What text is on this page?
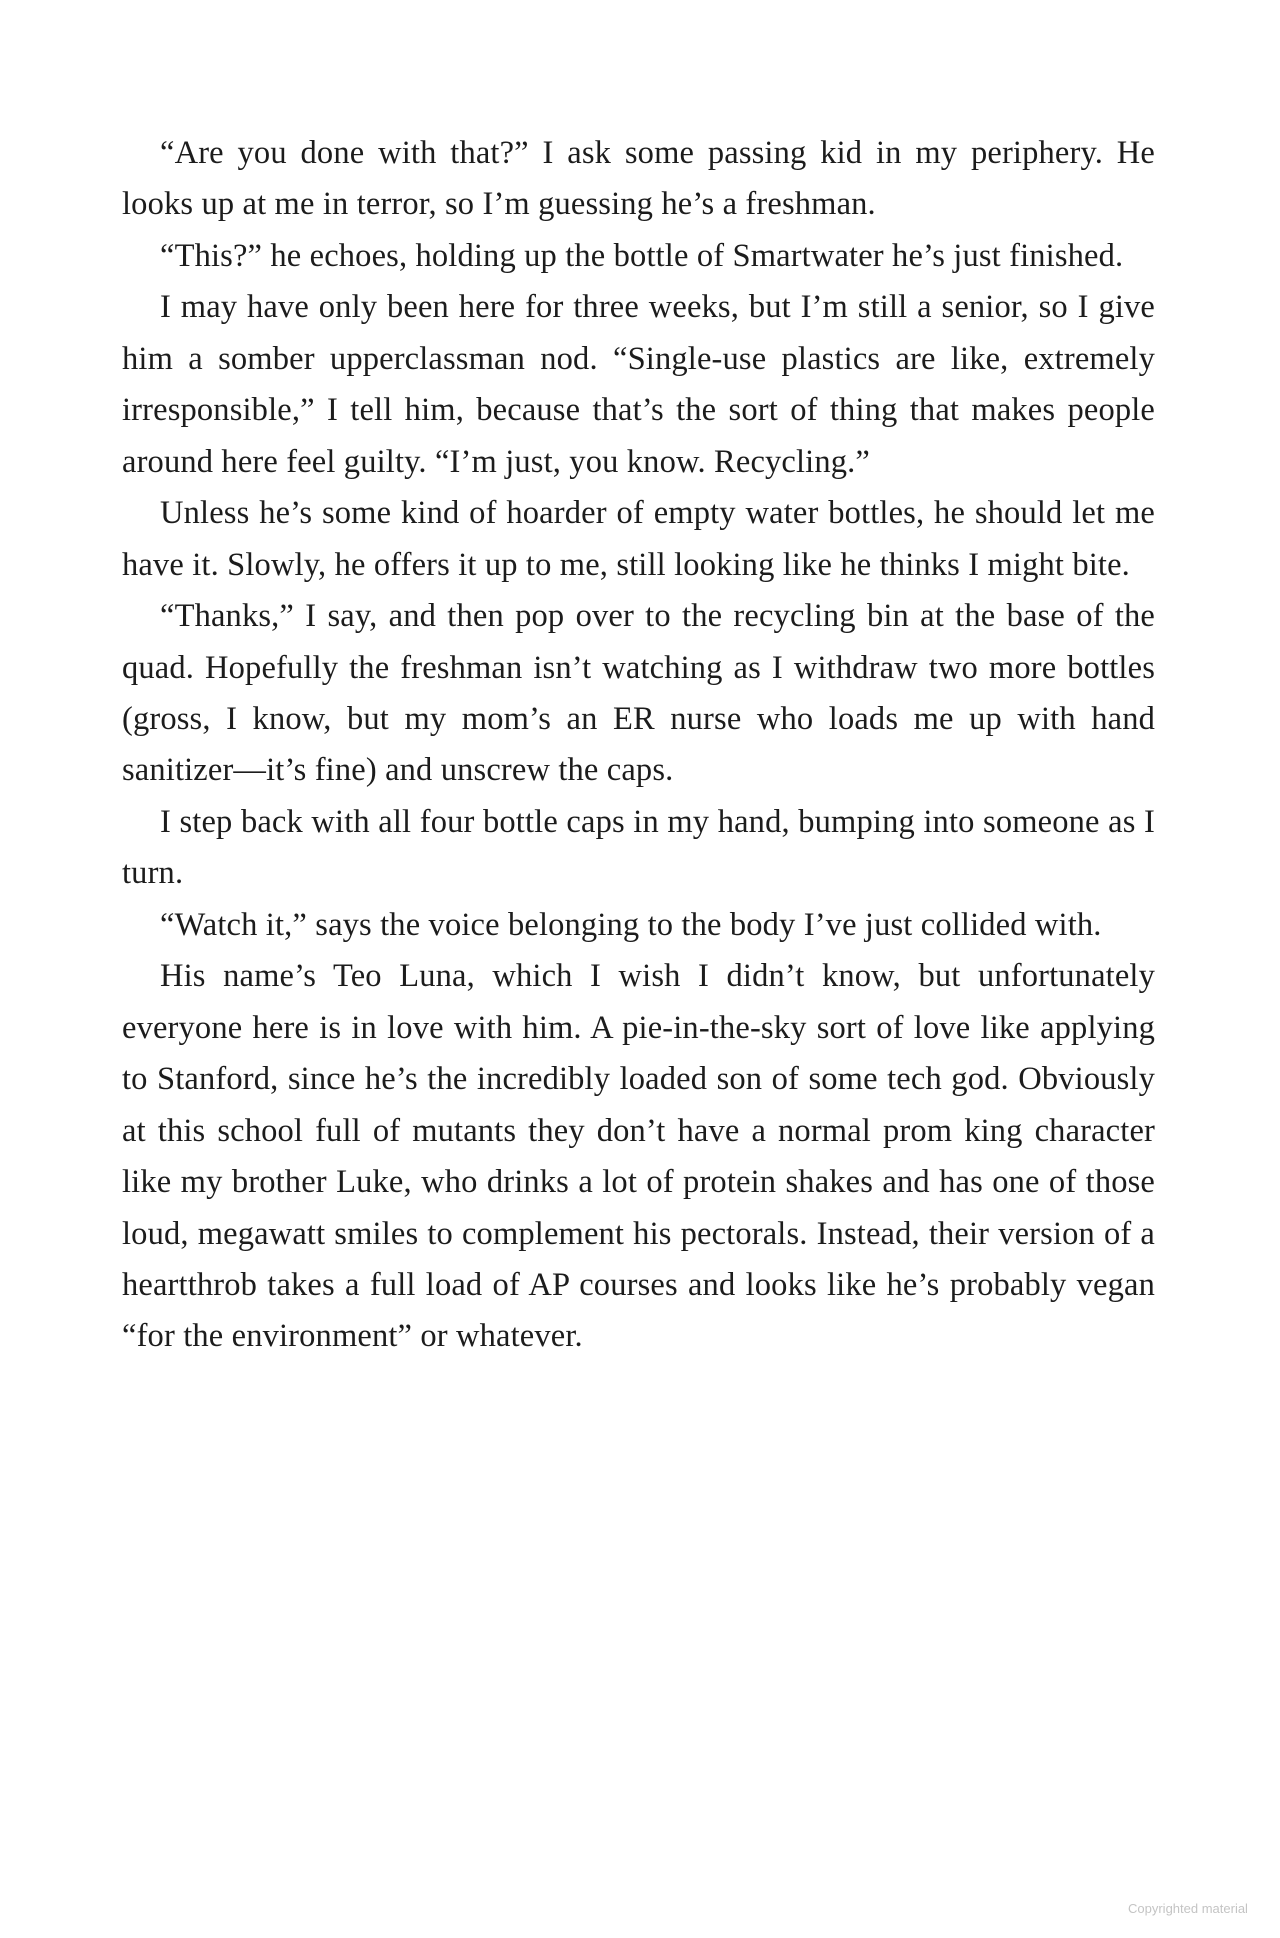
“Are you done with that?” I ask some passing kid in my periphery. He looks up at me in terror, so I’m guessing he’s a freshman.

“This?” he echoes, holding up the bottle of Smartwater he’s just finished.

I may have only been here for three weeks, but I’m still a senior, so I give him a somber upperclassman nod. “Single-use plastics are like, extremely irresponsible,” I tell him, because that’s the sort of thing that makes people around here feel guilty. “I’m just, you know. Recycling.”

Unless he’s some kind of hoarder of empty water bottles, he should let me have it. Slowly, he offers it up to me, still looking like he thinks I might bite.

“Thanks,” I say, and then pop over to the recycling bin at the base of the quad. Hopefully the freshman isn’t watching as I withdraw two more bottles (gross, I know, but my mom’s an ER nurse who loads me up with hand sanitizer—it’s fine) and unscrew the caps.

I step back with all four bottle caps in my hand, bumping into someone as I turn.

“Watch it,” says the voice belonging to the body I’ve just collided with.

His name’s Teo Luna, which I wish I didn’t know, but unfortunately everyone here is in love with him. A pie-in-the-sky sort of love like applying to Stanford, since he’s the incredibly loaded son of some tech god. Obviously at this school full of mutants they don’t have a normal prom king character like my brother Luke, who drinks a lot of protein shakes and has one of those loud, megawatt smiles to complement his pectorals. Instead, their version of a heartthrob takes a full load of AP courses and looks like he’s probably vegan “for the environment” or whatever.

Copyrighted material
